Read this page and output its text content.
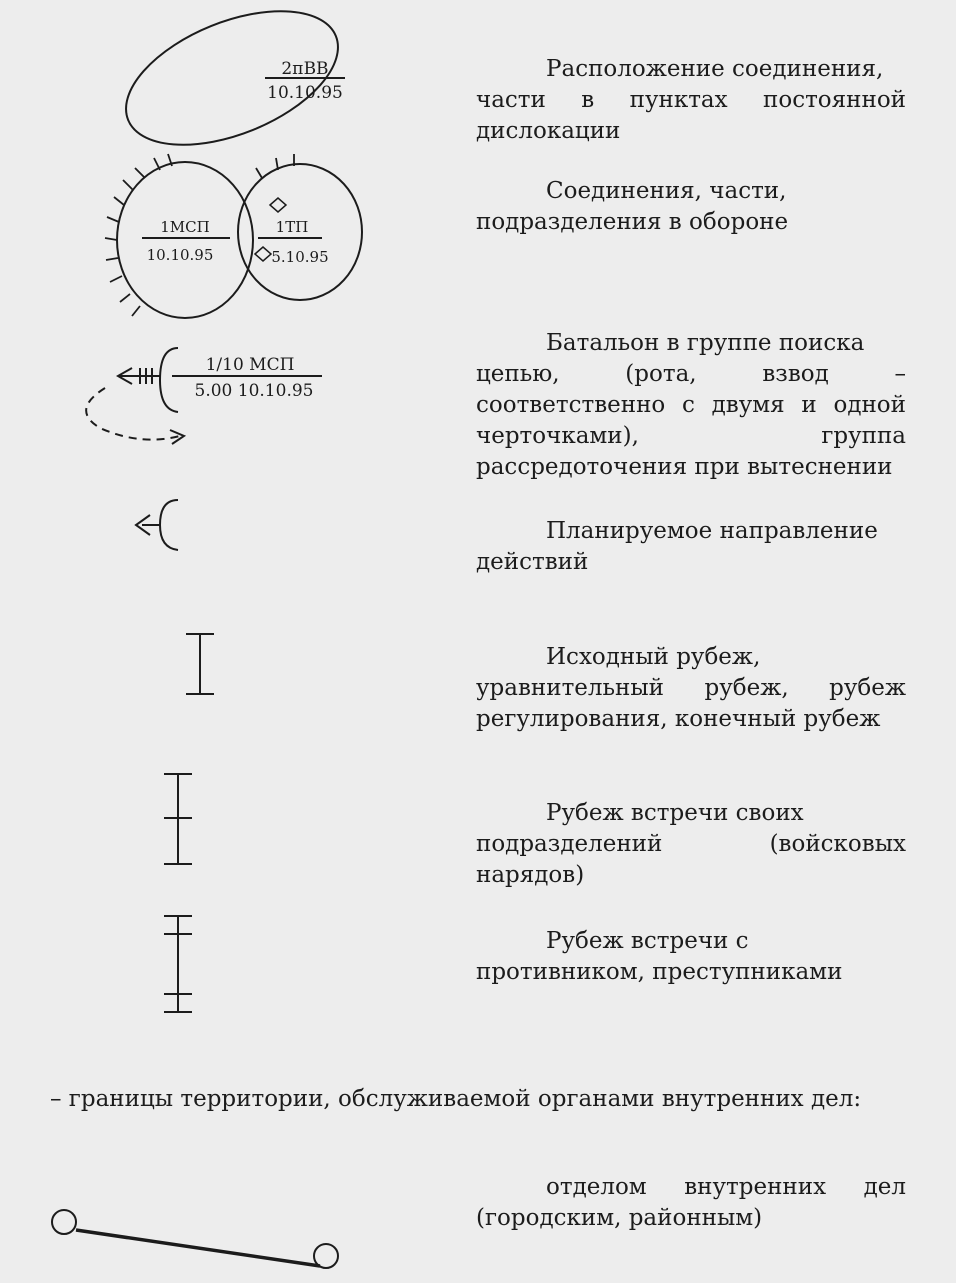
2пВВ
10.10.95
1МСП
10.10.95
1ТП
5.10.95
1/10 МСП
5.00 10.10.95

Расположение соединения,
части в пунктах постоянной дислокации

Соединения, части,
подразделения в обороне

Батальон в группе поиска
цепью, (рота, взвод – соответственно с двумя и одной черточками), группа рассредоточения при вытеснении

Планируемое направление
действий

Исходный рубеж,
уравнительный рубеж, рубеж регулирования, конечный рубеж

Рубеж встречи своих
подразделений (войсковых нарядов)

Рубеж встречи с
противником, преступниками

– границы территории, обслуживаемой органами внутренних дел:

отделом внутренних дел
(городским, районным)
